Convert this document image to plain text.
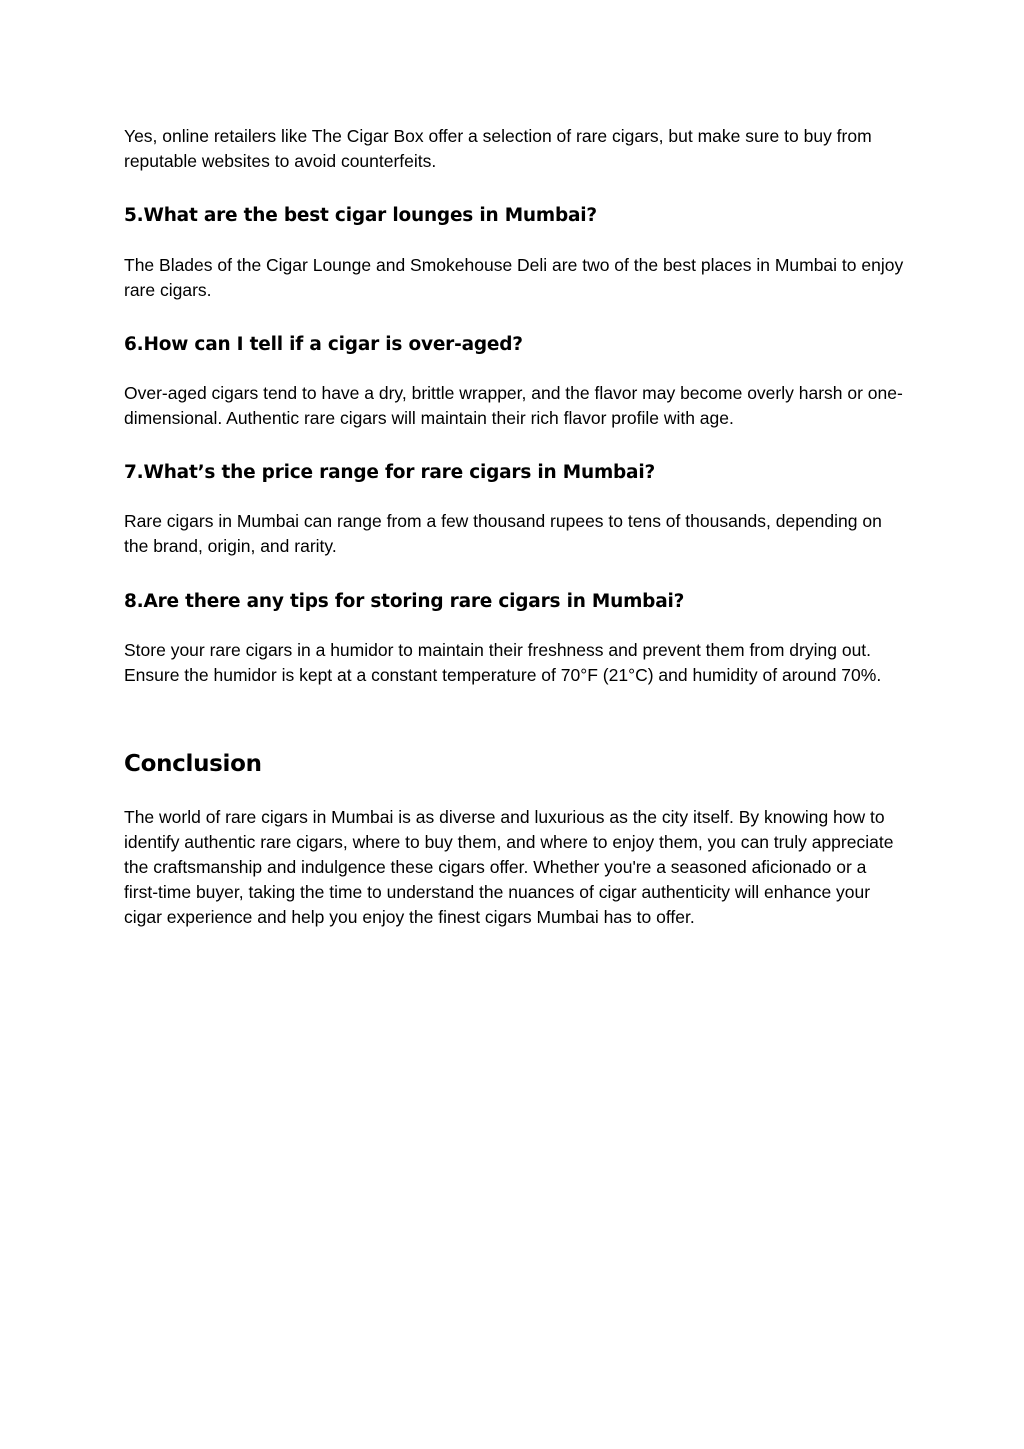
Yes, online retailers like The Cigar Box offer a selection of rare cigars, but make sure to buy from reputable websites to avoid counterfeits.

5.What are the best cigar lounges in Mumbai?

The Blades of the Cigar Lounge and Smokehouse Deli are two of the best places in Mumbai to enjoy rare cigars.

6.How can I tell if a cigar is over-aged?

Over-aged cigars tend to have a dry, brittle wrapper, and the flavor may become overly harsh or one-dimensional. Authentic rare cigars will maintain their rich flavor profile with age.

7.What’s the price range for rare cigars in Mumbai?

Rare cigars in Mumbai can range from a few thousand rupees to tens of thousands, depending on the brand, origin, and rarity.

8.Are there any tips for storing rare cigars in Mumbai?

Store your rare cigars in a humidor to maintain their freshness and prevent them from drying out. Ensure the humidor is kept at a constant temperature of 70°F (21°C) and humidity of around 70%.

Conclusion

The world of rare cigars in Mumbai is as diverse and luxurious as the city itself. By knowing how to identify authentic rare cigars, where to buy them, and where to enjoy them, you can truly appreciate the craftsmanship and indulgence these cigars offer. Whether you're a seasoned aficionado or a first-time buyer, taking the time to understand the nuances of cigar authenticity will enhance your cigar experience and help you enjoy the finest cigars Mumbai has to offer.
